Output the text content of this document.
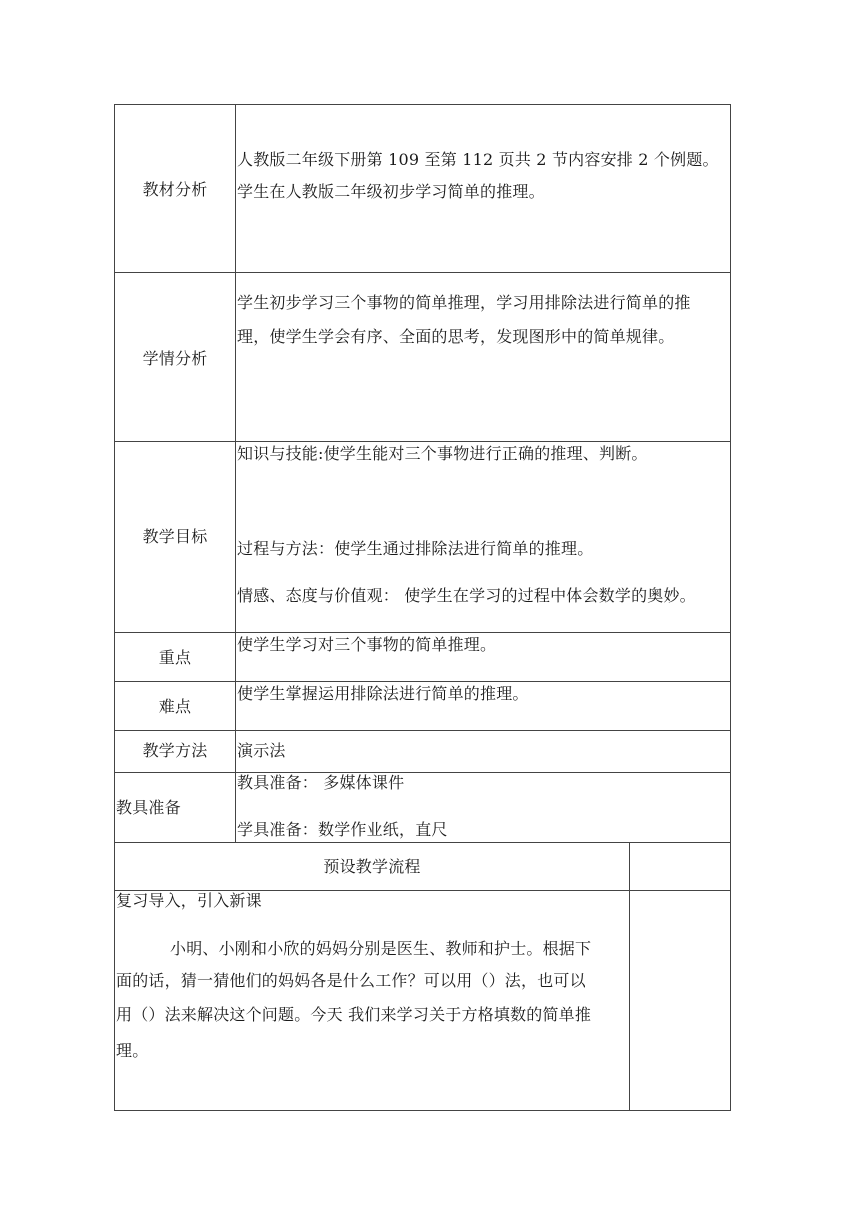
教材分析
人教版二年级下册第 109 至第 112 页共 2 节内容安排 2 个例题。
学生在人教版二年级初步学习简单的推理。
学情分析
学生初步学习三个事物的简单推理，学习用排除法进行简单的推
理，使学生学会有序、全面的思考，发现图形中的简单规律。
教学目标
知识与技能:使学生能对三个事物进行正确的推理、判断。
过程与方法：使学生通过排除法进行简单的推理。
情感、态度与价值观： 使学生在学习的过程中体会数学的奥妙。
重点
使学生学习对三个事物的简单推理。
难点
使学生掌握运用排除法进行简单的推理。
教学方法	演示法
教具准备
教具准备： 多媒体课件
学具准备：数学作业纸，直尺
预设教学流程
复习导入，引入新课
小明、小刚和小欣的妈妈分别是医生、教师和护士。根据下
面的话，猜一猜他们的妈妈各是什么工作？可以用（）法，也可以
用（）法来解决这个问题。今天 我们来学习关于方格填数的简单推
理。
